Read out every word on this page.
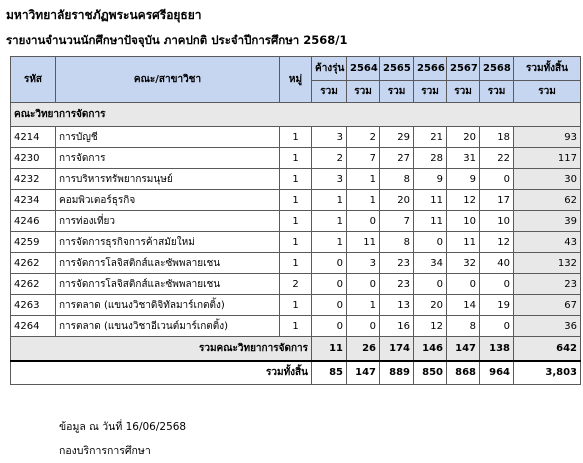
มหาวิทยาลัยราชภัฏพระนครศรีอยุธยา
รายงานจำนวนนักศึกษาปัจจุบัน ภาคปกติ ประจำปีการศึกษา 2568/1
รหัส	คณะ/สาขาวิชา	หมู่	ค้างรุ่น	2564	2565	2566	2567	2568	รวมทั้งสิ้น
			รวม	รวม	รวม	รวม	รวม	รวม	รวม
คณะวิทยาการจัดการ									
4214	การบัญชี	1	3	2	29	21	20	18	93
4230	การจัดการ	1	2	7	27	28	31	22	117
4232	การบริหารทรัพยากรมนุษย์	1	3	1	8	9	9	0	30
4234	คอมพิวเตอร์ธุรกิจ	1	1	1	20	11	12	17	62
4246	การท่องเที่ยว	1	1	0	7	11	10	10	39
4259	การจัดการธุรกิจการค้าสมัยใหม่	1	1	11	8	0	11	12	43
4262	การจัดการโลจิสติกส์และซัพพลายเชน	1	0	3	23	34	32	40	132
4262	การจัดการโลจิสติกส์และซัพพลายเชน	2	0	0	23	0	0	0	23
4263	การตลาด (แขนงวิชาดิจิทัลมาร์เกตติ้ง)	1	0	1	13	20	14	19	67
4264	การตลาด (แขนงวิชาอีเวนต์มาร์เกตติ้ง)	1	0	0	16	12	8	0	36
รวมคณะวิทยาการจัดการ			11	26	174	146	147	138	642
รวมทั้งสิ้น			85	147	889	850	868	964	3,803
ข้อมูล ณ วันที่ 16/06/2568
กองบริการการศึกษา
